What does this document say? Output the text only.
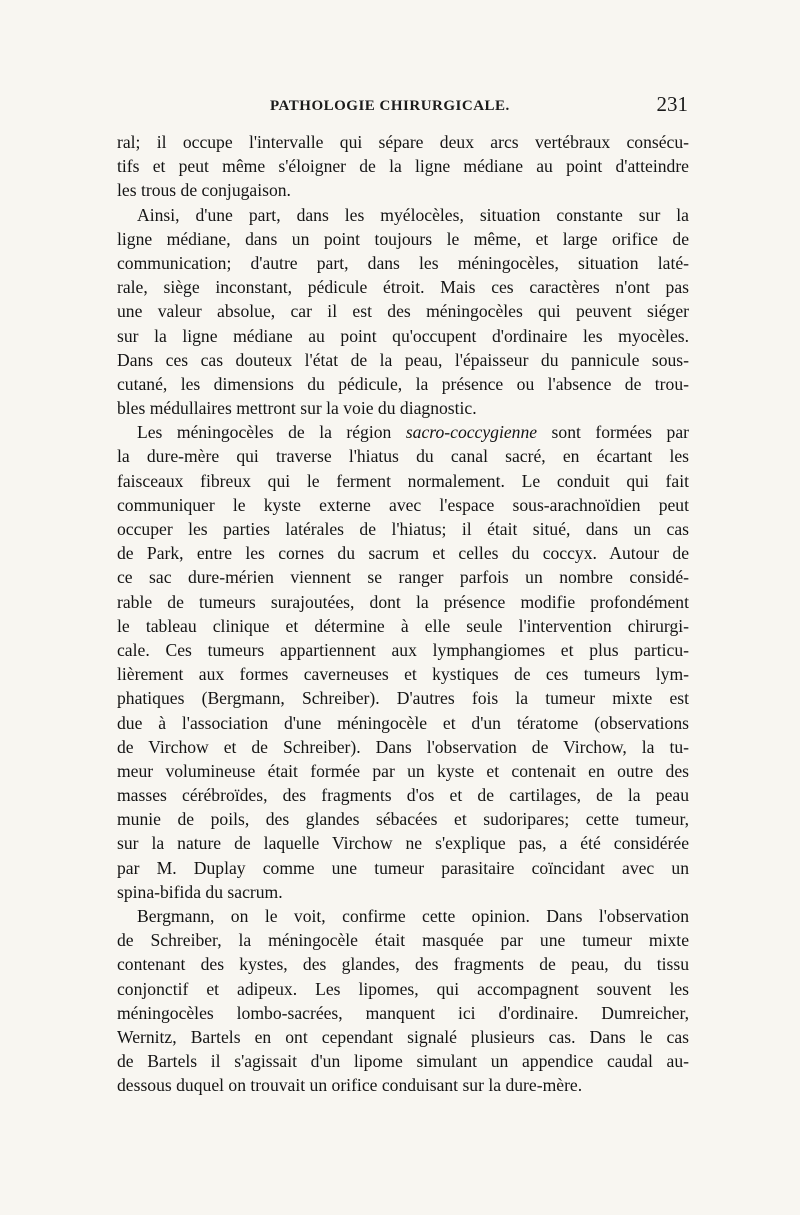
PATHOLOGIE CHIRURGICALE.	231
ral; il occupe l'intervalle qui sépare deux arcs vertébraux consécu-
tifs et peut même s'éloigner de la ligne médiane au point d'atteindre
les trous de conjugaison.
Ainsi, d'une part, dans les myélocèles, situation constante sur la
ligne médiane, dans un point toujours le même, et large orifice de
communication; d'autre part, dans les méningocèles, situation laté-
rale, siège inconstant, pédicule étroit. Mais ces caractères n'ont pas
une valeur absolue, car il est des méningocèles qui peuvent siéger
sur la ligne médiane au point qu'occupent d'ordinaire les myocèles.
Dans ces cas douteux l'état de la peau, l'épaisseur du pannicule sous-
cutané, les dimensions du pédicule, la présence ou l'absence de trou-
bles médullaires mettront sur la voie du diagnostic.
Les méningocèles de la région sacro-coccygienne sont formées par
la dure-mère qui traverse l'hiatus du canal sacré, en écartant les
faisceaux fibreux qui le ferment normalement. Le conduit qui fait
communiquer le kyste externe avec l'espace sous-arachnoïdien peut
occuper les parties latérales de l'hiatus; il était situé, dans un cas
de Park, entre les cornes du sacrum et celles du coccyx. Autour de
ce sac dure-mérien viennent se ranger parfois un nombre considé-
rable de tumeurs surajoutées, dont la présence modifie profondément
le tableau clinique et détermine à elle seule l'intervention chirurgi-
cale. Ces tumeurs appartiennent aux lymphangiomes et plus particu-
lièrement aux formes caverneuses et kystiques de ces tumeurs lym-
phatiques (Bergmann, Schreiber). D'autres fois la tumeur mixte est
due à l'association d'une méningocèle et d'un tératome (observations
de Virchow et de Schreiber). Dans l'observation de Virchow, la tu-
meur volumineuse était formée par un kyste et contenait en outre des
masses cérébroïdes, des fragments d'os et de cartilages, de la peau
munie de poils, des glandes sébacées et sudoripares; cette tumeur,
sur la nature de laquelle Virchow ne s'explique pas, a été considérée
par M. Duplay comme une tumeur parasitaire coïncidant avec un
spina-bifida du sacrum.
Bergmann, on le voit, confirme cette opinion. Dans l'observation
de Schreiber, la méningocèle était masquée par une tumeur mixte
contenant des kystes, des glandes, des fragments de peau, du tissu
conjonctif et adipeux. Les lipomes, qui accompagnent souvent les
méningocèles lombo-sacrées, manquent ici d'ordinaire. Dumreicher,
Wernitz, Bartels en ont cependant signalé plusieurs cas. Dans le cas
de Bartels il s'agissait d'un lipome simulant un appendice caudal au-
dessous duquel on trouvait un orifice conduisant sur la dure-mère.
